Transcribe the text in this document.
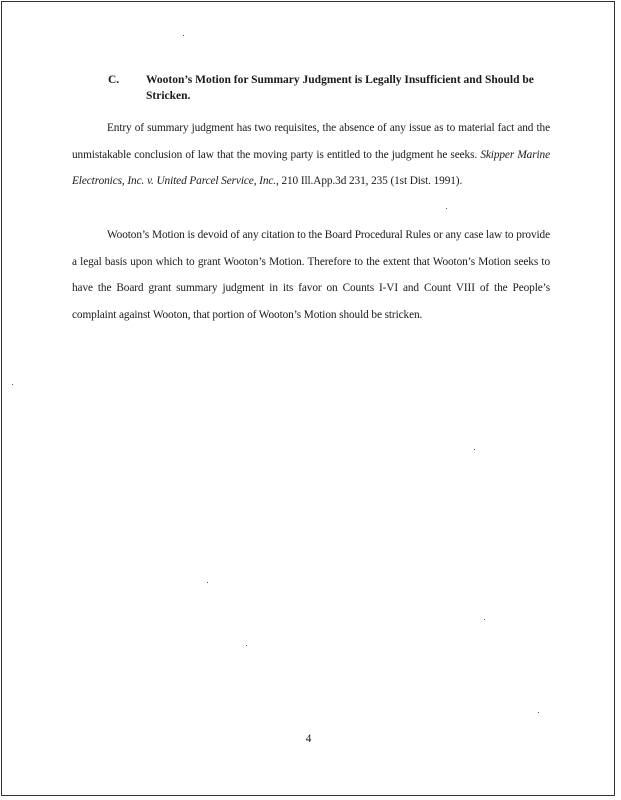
C. Wooton’s Motion for Summary Judgment is Legally Insufficient and Should be Stricken.

Entry of summary judgment has two requisites, the absence of any issue as to material fact and the unmistakable conclusion of law that the moving party is entitled to the judgment he seeks. Skipper Marine Electronics, Inc. v. United Parcel Service, Inc., 210 Ill.App.3d 231, 235 (1st Dist. 1991).

Wooton’s Motion is devoid of any citation to the Board Procedural Rules or any case law to provide a legal basis upon which to grant Wooton’s Motion. Therefore to the extent that Wooton’s Motion seeks to have the Board grant summary judgment in its favor on Counts I-VI and Count VIII of the People’s complaint against Wooton, that portion of Wooton’s Motion should be stricken.

4
